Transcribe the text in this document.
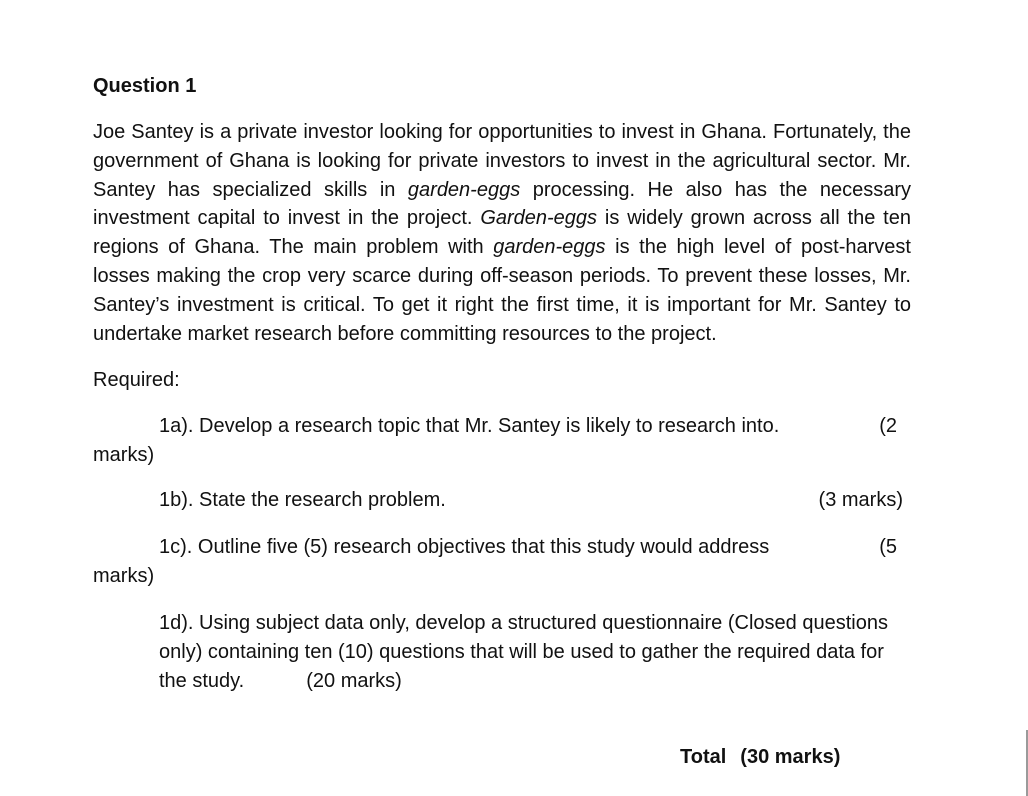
Question 1
Joe Santey is a private investor looking for opportunities to invest in Ghana. Fortunately, the government of Ghana is looking for private investors to invest in the agricultural sector. Mr. Santey has specialized skills in garden-eggs processing. He also has the necessary investment capital to invest in the project. Garden-eggs is widely grown across all the ten regions of Ghana. The main problem with garden-eggs is the high level of post-harvest losses making the crop very scarce during off-season periods. To prevent these losses, Mr. Santey’s investment is critical. To get it right the first time, it is important for Mr. Santey to undertake market research before committing resources to the project.
Required:
1a). Develop a research topic that Mr. Santey is likely to research into.	(2
marks)
1b). State the research problem.	(3 marks)
1c). Outline five (5) research objectives that this study would address	(5
marks)
1d). Using subject data only, develop a structured questionnaire (Closed questions only) containing ten (10) questions that will be used to gather the required data for the study.	(20 marks)
Total (30 marks)
